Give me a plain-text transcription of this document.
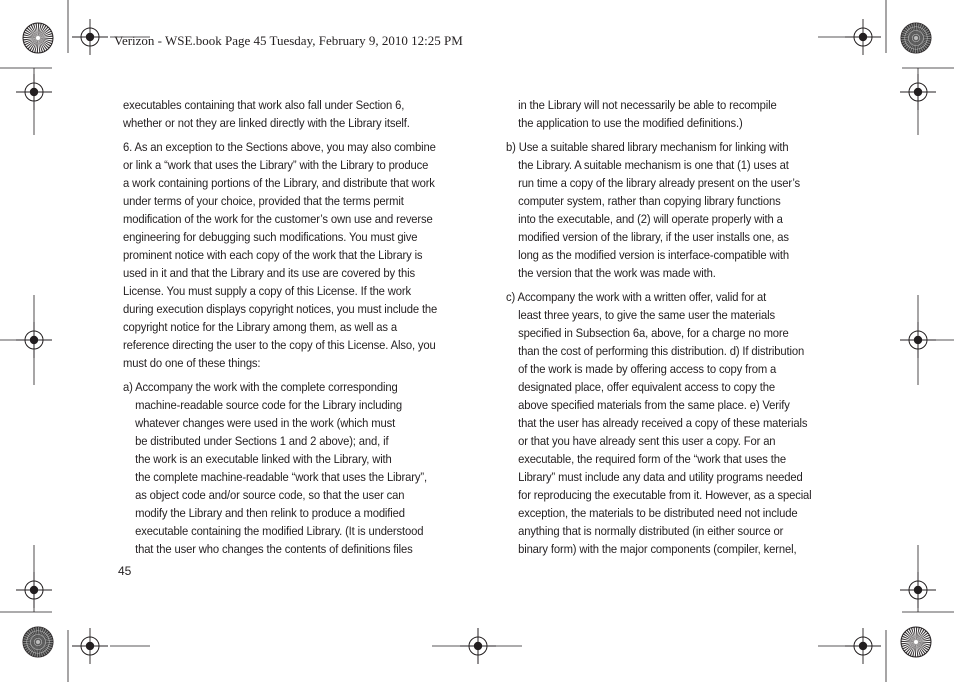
Verizon - WSE.book Page 45 Tuesday, February 9, 2010 12:25 PM

executables containing that work also fall under Section 6,
whether or not they are linked directly with the Library itself.

6. As an exception to the Sections above, you may also combine
or link a “work that uses the Library” with the Library to produce
a work containing portions of the Library, and distribute that work
under terms of your choice, provided that the terms permit
modification of the work for the customer’s own use and reverse
engineering for debugging such modifications. You must give
prominent notice with each copy of the work that the Library is
used in it and that the Library and its use are covered by this
License. You must supply a copy of this License. If the work
during execution displays copyright notices, you must include the
copyright notice for the Library among them, as well as a
reference directing the user to the copy of this License. Also, you
must do one of these things:

a) Accompany the work with the complete corresponding
machine-readable source code for the Library including
whatever changes were used in the work (which must
be distributed under Sections 1 and 2 above); and, if
the work is an executable linked with the Library, with
the complete machine-readable “work that uses the Library”,
as object code and/or source code, so that the user can
modify the Library and then relink to produce a modified
executable containing the modified Library. (It is understood
that the user who changes the contents of definitions files

in the Library will not necessarily be able to recompile
the application to use the modified definitions.)

b) Use a suitable shared library mechanism for linking with
the Library. A suitable mechanism is one that (1) uses at
run time a copy of the library already present on the user’s
computer system, rather than copying library functions
into the executable, and (2) will operate properly with a
modified version of the library, if the user installs one, as
long as the modified version is interface-compatible with
the version that the work was made with.

c) Accompany the work with a written offer, valid for at
least three years, to give the same user the materials
specified in Subsection 6a, above, for a charge no more
than the cost of performing this distribution. d) If distribution
of the work is made by offering access to copy from a
designated place, offer equivalent access to copy the
above specified materials from the same place. e) Verify
that the user has already received a copy of these materials
or that you have already sent this user a copy. For an
executable, the required form of the “work that uses the
Library” must include any data and utility programs needed
for reproducing the executable from it. However, as a special
exception, the materials to be distributed need not include
anything that is normally distributed (in either source or
binary form) with the major components (compiler, kernel,

45
